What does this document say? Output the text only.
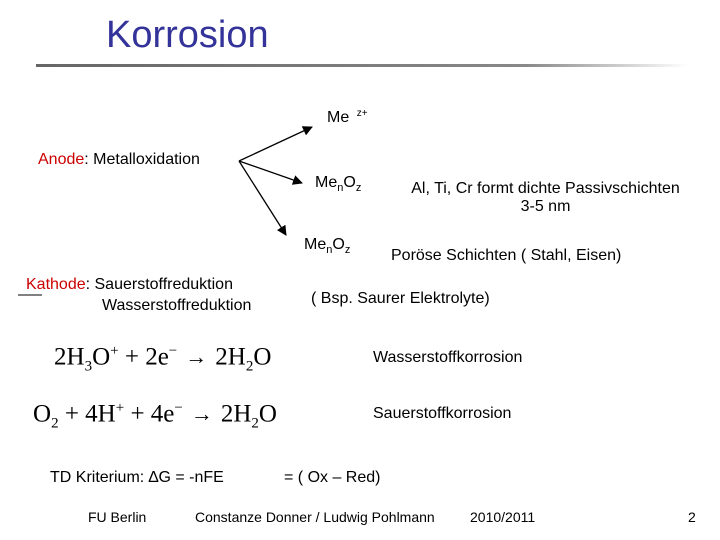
Korrosion
Me $^{z+}$
Anode: Metalloxidation
$Me_nO_z$	Al, Ti, Cr formt dichte Passivschichten
3-5 nm
$Me_nO_z$	Poröse Schichten ( Stahl, Eisen)
Kathode: Sauerstoffreduktion
Wasserstoffreduktion	( Bsp. Saurer Elektrolyte)
$2H_3O^+ + 2e^- \to 2H_2O$	Wasserstoffkorrosion
$O_2 + 4H^+ + 4e^- \to 2H_2O$	Sauerstoffkorrosion
TD Kriterium: ∆G = -nFE	= ( Ox – Red)
FU Berlin	Constanze Donner / Ludwig Pohlmann	2010/2011	2
